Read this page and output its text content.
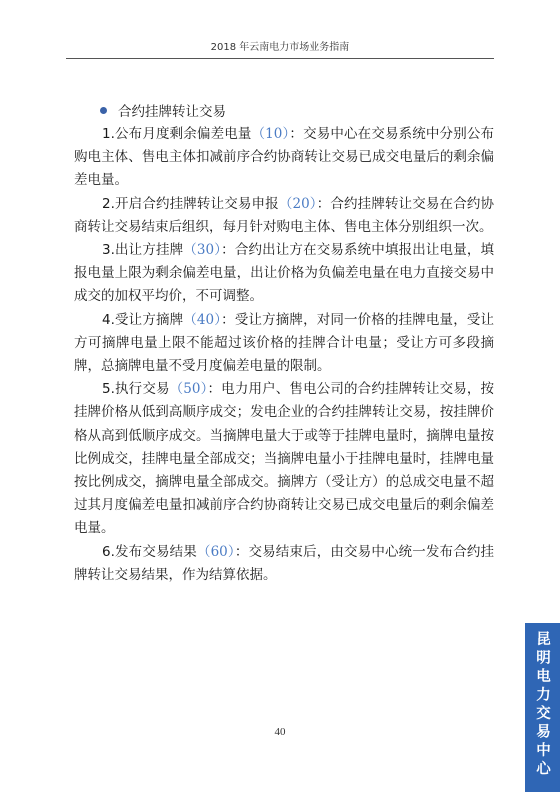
2018 年云南电力市场业务指南
合约挂牌转让交易

1.公布月度剩余偏差电量（10）：交易中心在交易系统中分别公布购电主体、售电主体扣减前序合约协商转让交易已成交电量后的剩余偏差电量。

2.开启合约挂牌转让交易申报（20）：合约挂牌转让交易在合约协商转让交易结束后组织，每月针对购电主体、售电主体分别组织一次。

3.出让方挂牌（30）：合约出让方在交易系统中填报出让电量，填报电量上限为剩余偏差电量，出让价格为负偏差电量在电力直接交易中成交的加权平均价，不可调整。

4.受让方摘牌（40）：受让方摘牌，对同一价格的挂牌电量，受让方可摘牌电量上限不能超过该价格的挂牌合计电量；受让方可多段摘牌，总摘牌电量不受月度偏差电量的限制。

5.执行交易（50）：电力用户、售电公司的合约挂牌转让交易，按挂牌价格从低到高顺序成交；发电企业的合约挂牌转让交易，按挂牌价格从高到低顺序成交。当摘牌电量大于或等于挂牌电量时，摘牌电量按比例成交，挂牌电量全部成交；当摘牌电量小于挂牌电量时，挂牌电量按比例成交，摘牌电量全部成交。摘牌方（受让方）的总成交电量不超过其月度偏差电量扣减前序合约协商转让交易已成交电量后的剩余偏差电量。

6.发布交易结果（60）：交易结束后，由交易中心统一发布合约挂牌转让交易结果，作为结算依据。

40	昆明电力交易中心
